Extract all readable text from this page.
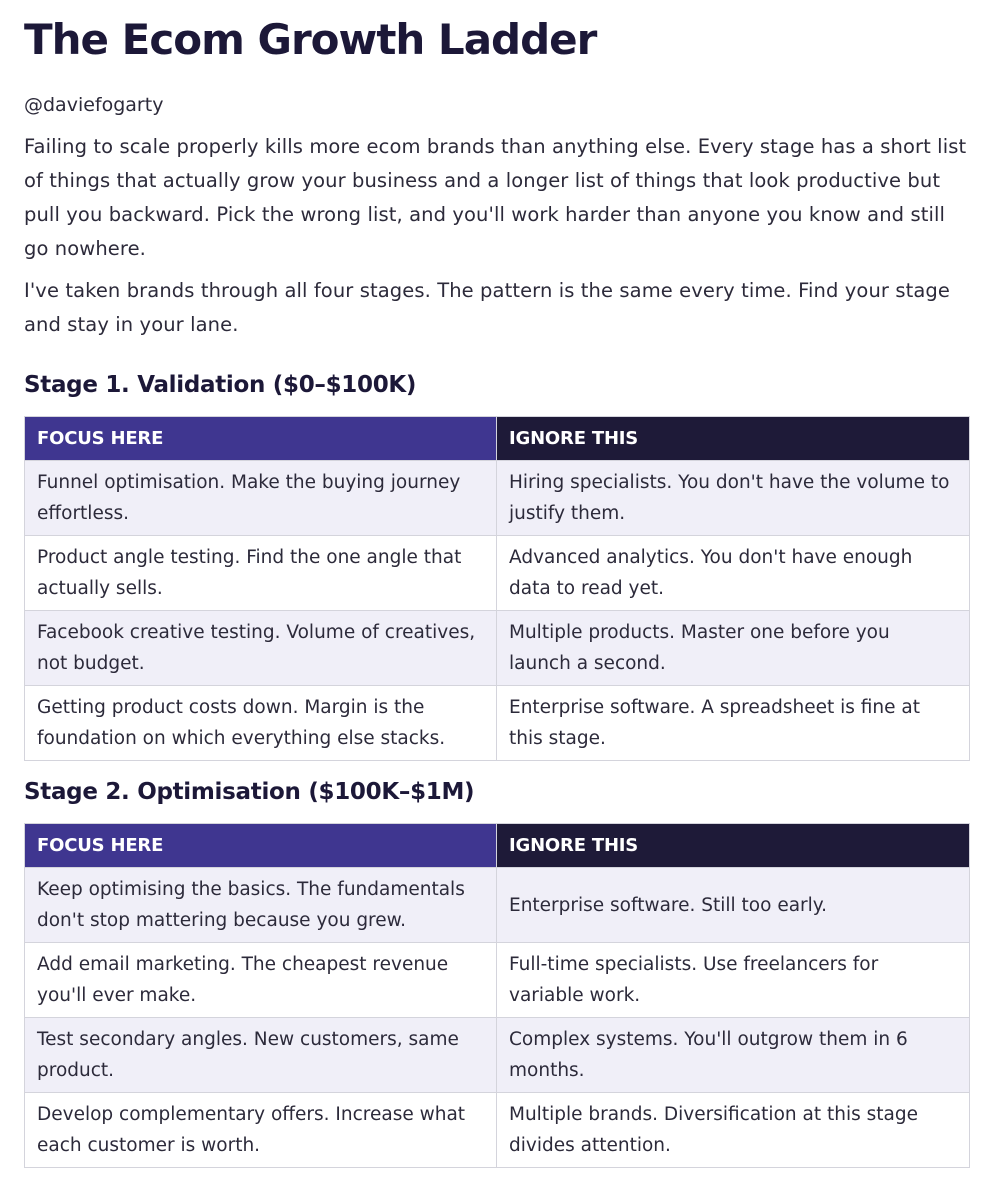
The Ecom Growth Ladder

@daviefogarty

Failing to scale properly kills more ecom brands than anything else. Every stage has a short list of things that actually grow your business and a longer list of things that look productive but pull you backward. Pick the wrong list, and you'll work harder than anyone you know and still go nowhere.

I've taken brands through all four stages. The pattern is the same every time. Find your stage and stay in your lane.

Stage 1. Validation ($0–$100K)
FOCUS HERE	IGNORE THIS
Funnel optimisation. Make the buying journey effortless.	Hiring specialists. You don't have the volume to justify them.
Product angle testing. Find the one angle that actually sells.	Advanced analytics. You don't have enough data to read yet.
Facebook creative testing. Volume of creatives, not budget.	Multiple products. Master one before you launch a second.
Getting product costs down. Margin is the foundation on which everything else stacks.	Enterprise software. A spreadsheet is fine at this stage.
Stage 2. Optimisation ($100K–$1M)
FOCUS HERE	IGNORE THIS
Keep optimising the basics. The fundamentals don't stop mattering because you grew.	Enterprise software. Still too early.
Add email marketing. The cheapest revenue you'll ever make.	Full-time specialists. Use freelancers for variable work.
Test secondary angles. New customers, same product.	Complex systems. You'll outgrow them in 6 months.
Develop complementary offers. Increase what each customer is worth.	Multiple brands. Diversification at this stage divides attention.
